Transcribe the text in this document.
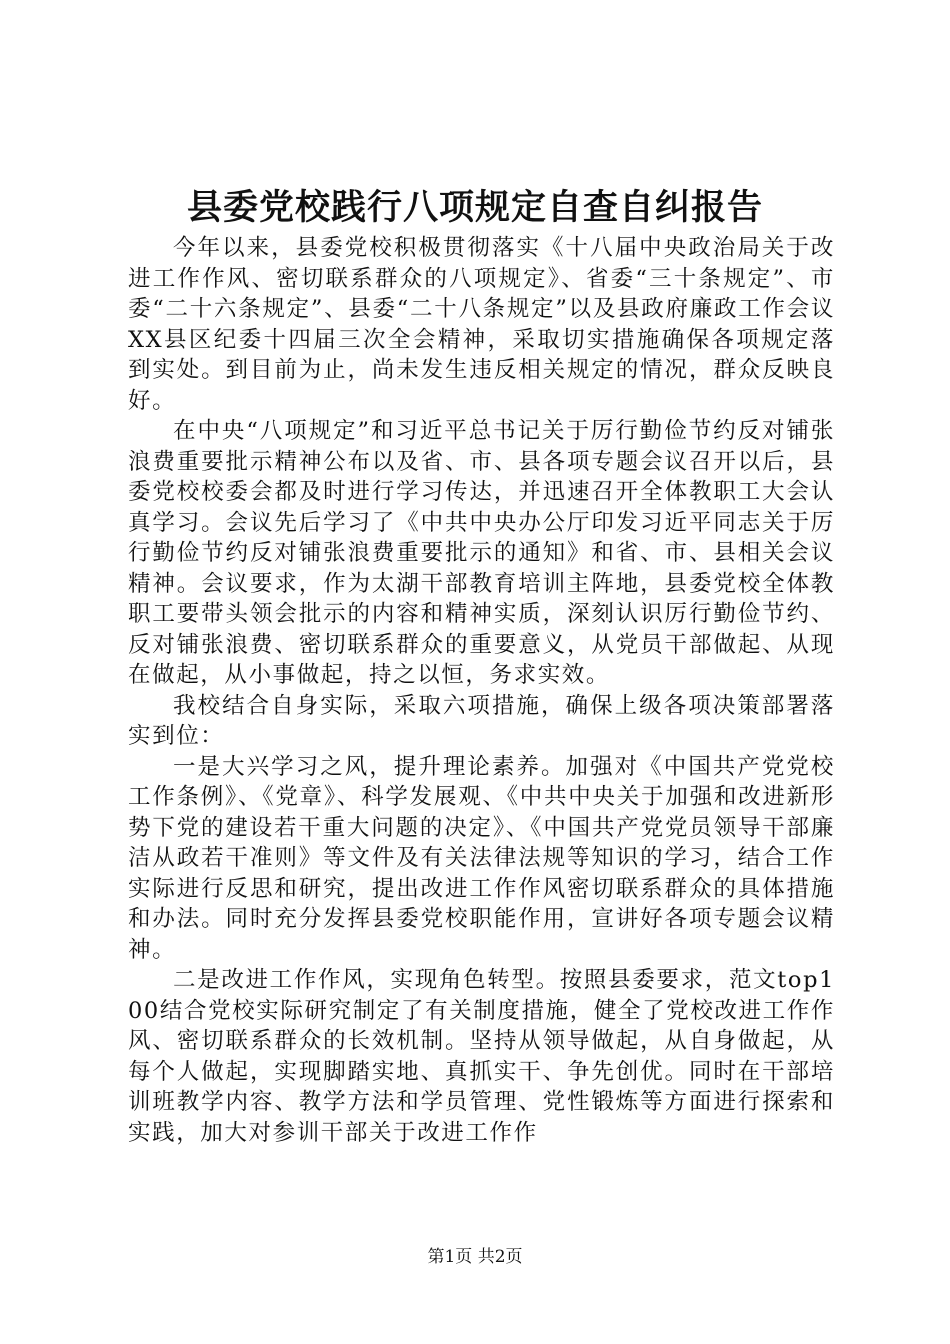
县委党校践行八项规定自查自纠报告

今年以来，县委党校积极贯彻落实《十八届中央政治局关于改进工作作风、密切联系群众的八项规定》、省委“三十条规定”、市委“二十六条规定”、县委“二十八条规定”以及县政府廉政工作会议XX县区纪委十四届三次全会精神，采取切实措施确保各项规定落到实处。到目前为止，尚未发生违反相关规定的情况，群众反映良好。

在中央“八项规定”和习近平总书记关于厉行勤俭节约反对铺张浪费重要批示精神公布以及省、市、县各项专题会议召开以后，县委党校校委会都及时进行学习传达，并迅速召开全体教职工大会认真学习。会议先后学习了《中共中央办公厅印发习近平同志关于厉行勤俭节约反对铺张浪费重要批示的通知》和省、市、县相关会议精神。会议要求，作为太湖干部教育培训主阵地，县委党校全体教职工要带头领会批示的内容和精神实质，深刻认识厉行勤俭节约、反对铺张浪费、密切联系群众的重要意义，从党员干部做起、从现在做起，从小事做起，持之以恒，务求实效。

我校结合自身实际，采取六项措施，确保上级各项决策部署落实到位：

一是大兴学习之风，提升理论素养。加强对《中国共产党党校工作条例》、《党章》、科学发展观、《中共中央关于加强和改进新形势下党的建设若干重大问题的决定》、《中国共产党党员领导干部廉洁从政若干准则》等文件及有关法律法规等知识的学习，结合工作实际进行反思和研究，提出改进工作作风密切联系群众的具体措施和办法。同时充分发挥县委党校职能作用，宣讲好各项专题会议精神。

二是改进工作作风，实现角色转型。按照县委要求，范文top100结合党校实际研究制定了有关制度措施，健全了党校改进工作作风、密切联系群众的长效机制。坚持从领导做起，从自身做起，从每个人做起，实现脚踏实地、真抓实干、争先创优。同时在干部培训班教学内容、教学方法和学员管理、党性锻炼等方面进行探索和实践，加大对参训干部关于改进工作作

第1页 共2页
